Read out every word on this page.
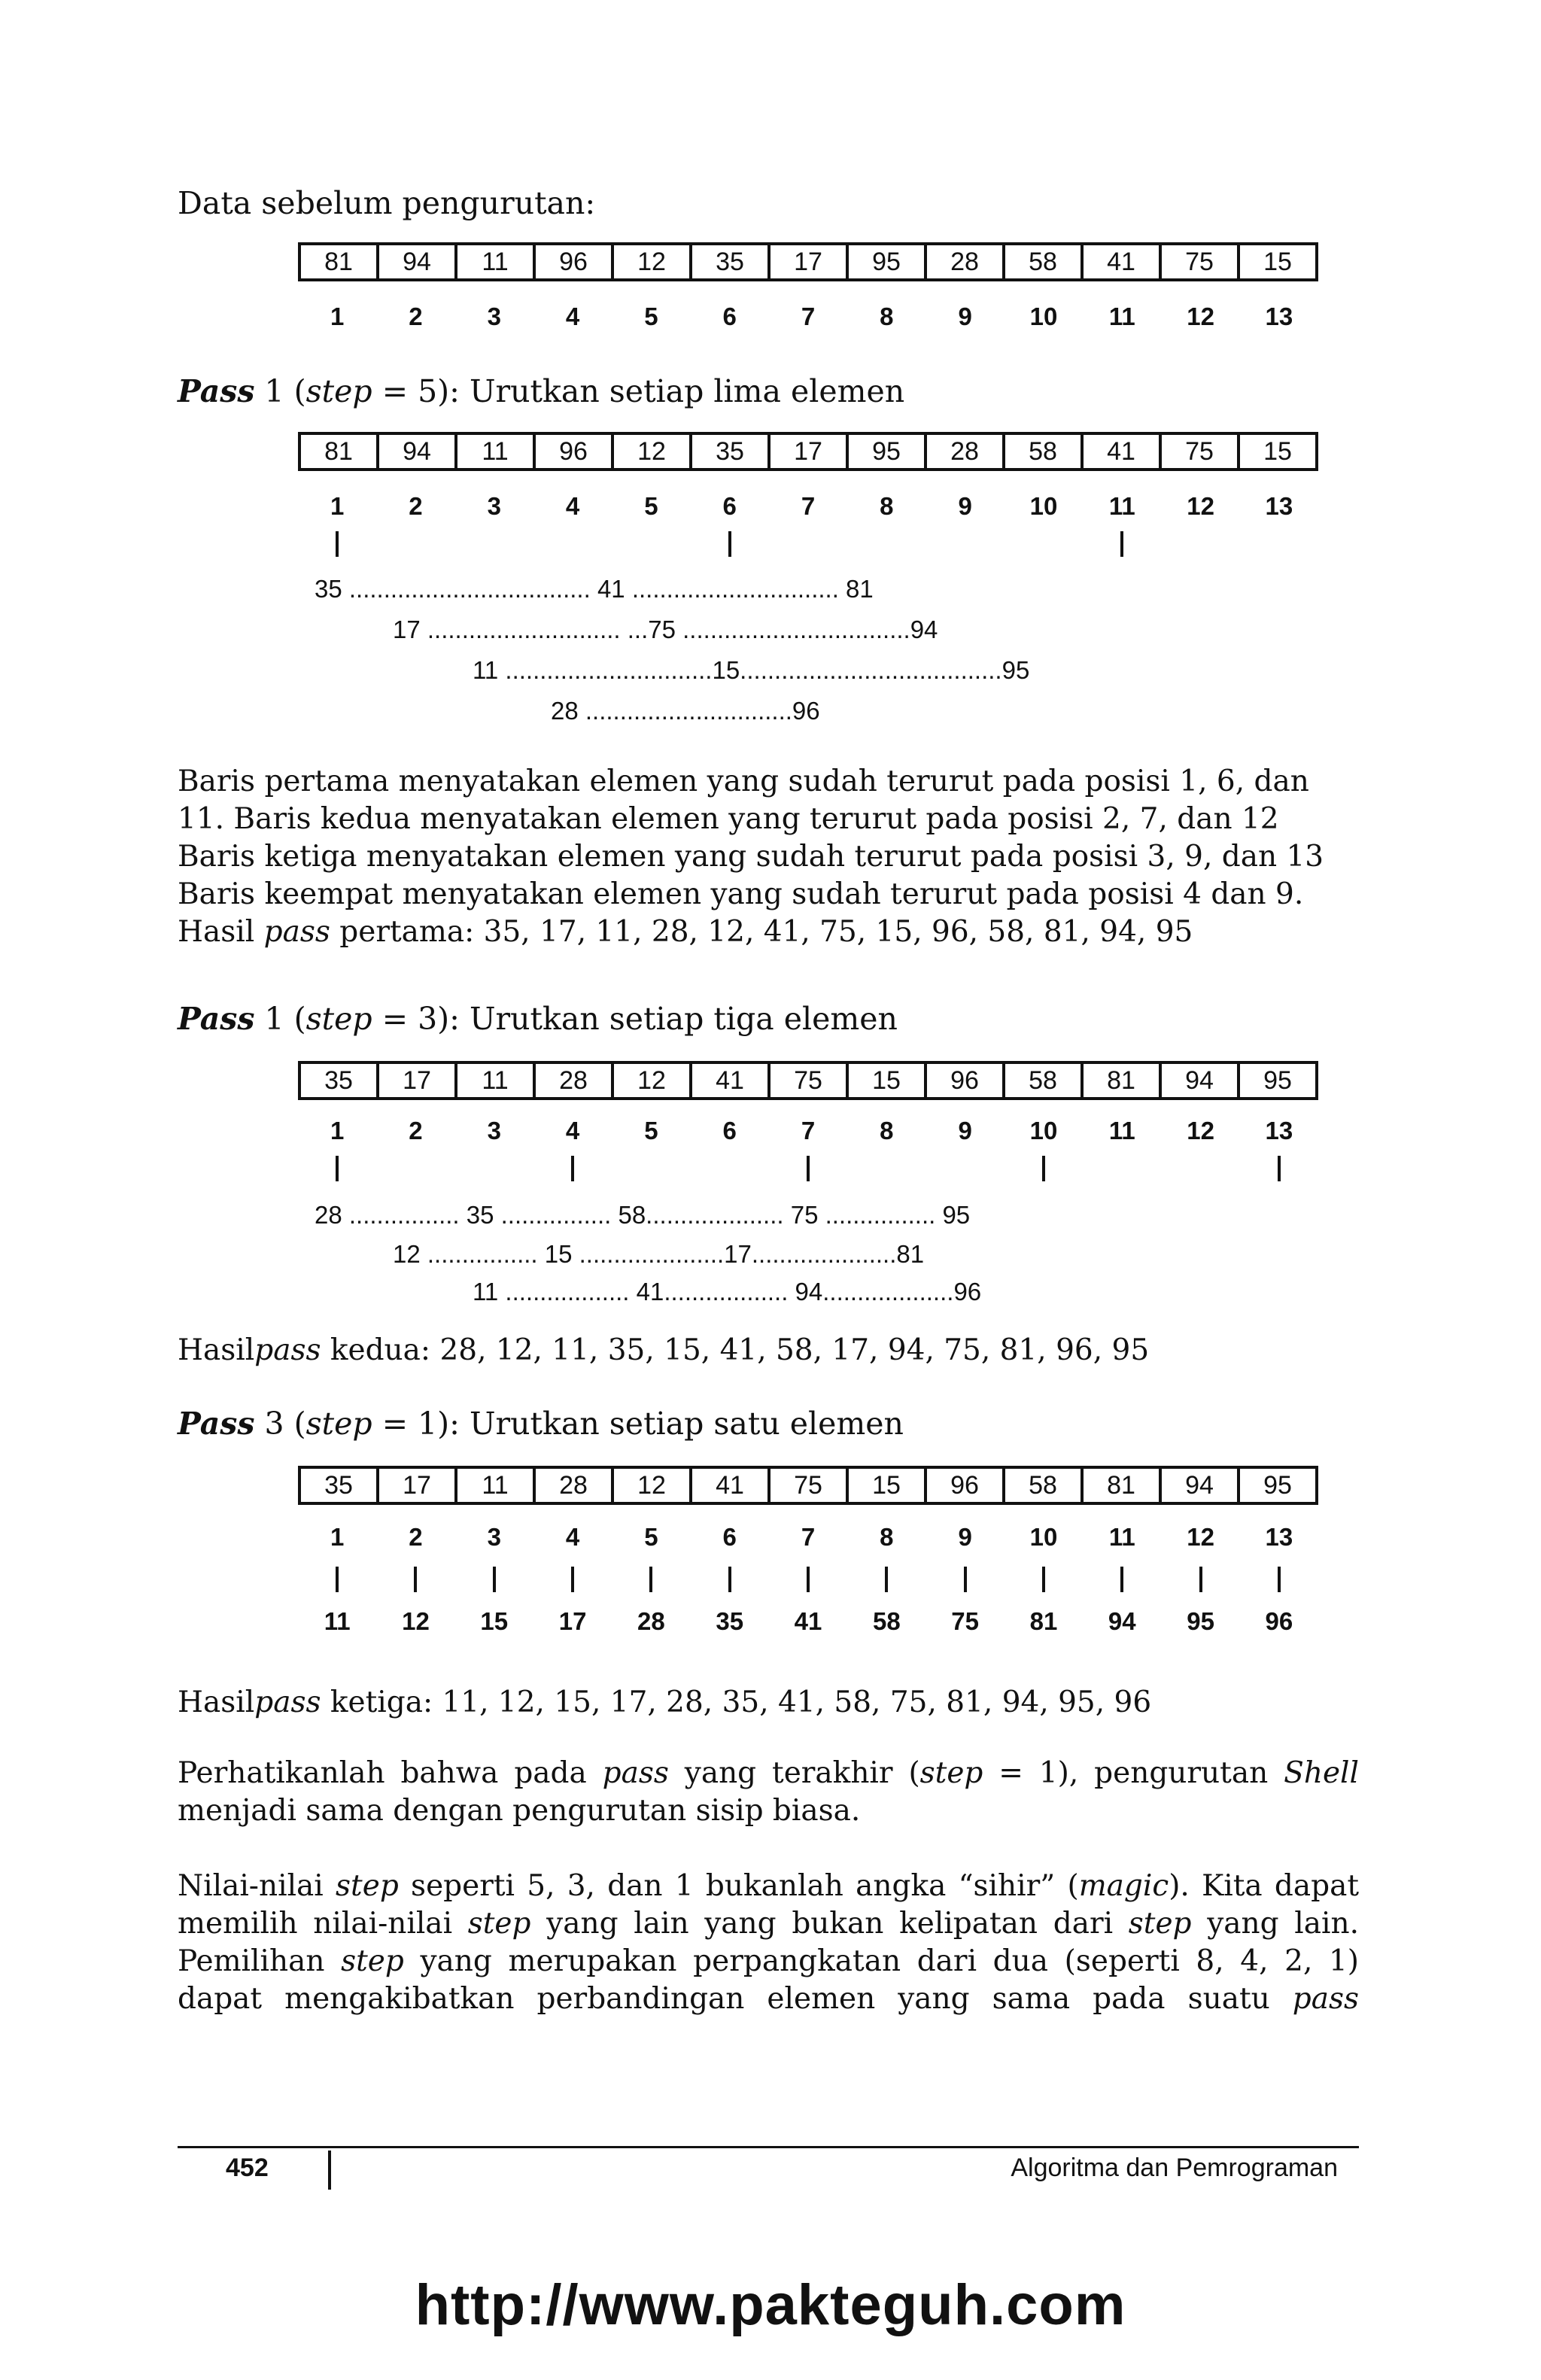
Data sebelum pengurutan:
81	94	11	96	12	35	17	95	28	58	41	75	15
1	2	3	4	5	6	7	8	9	10	11	12	13
Pass 1 (step = 5): Urutkan setiap lima elemen
81	94	11	96	12	35	17	95	28	58	41	75	15
1	2	3	4	5	6	7	8	9	10	11	12	13
35 ................................... 41 .............................. 81
17 ............................ ...75 .................................94
11 ..............................15......................................95
28 ..............................96
Baris pertama menyatakan elemen yang sudah terurut pada posisi 1, 6, dan
11. Baris kedua menyatakan elemen yang terurut pada posisi 2, 7, dan 12
Baris ketiga menyatakan elemen yang sudah terurut pada posisi 3, 9, dan 13
Baris keempat menyatakan elemen yang sudah terurut pada posisi 4 dan 9.
Hasil pass pertama: 35, 17, 11, 28, 12, 41, 75, 15, 96, 58, 81, 94, 95
Pass 1 (step = 3): Urutkan setiap tiga elemen
35	17	11	28	12	41	75	15	96	58	81	94	95
1	2	3	4	5	6	7	8	9	10	11	12	13
28 ................ 35 ................ 58.................... 75 ................ 95
12 ................ 15 .....................17.....................81
11 .................. 41.................. 94...................96
Hasilpass kedua: 28, 12, 11, 35, 15, 41, 58, 17, 94, 75, 81, 96, 95
Pass 3 (step = 1): Urutkan setiap satu elemen
35	17	11	28	12	41	75	15	96	58	81	94	95
1	2	3	4	5	6	7	8	9	10	11	12	13
11	12	15	17	28	35	41	58	75	81	94	95	96
Hasilpass ketiga: 11, 12, 15, 17, 28, 35, 41, 58, 75, 81, 94, 95, 96
Perhatikanlah bahwa pada pass yang terakhir (step = 1), pengurutan Shell
menjadi sama dengan pengurutan sisip biasa.
Nilai-nilai step seperti 5, 3, dan 1 bukanlah angka “sihir” (magic). Kita dapat
memilih nilai-nilai step yang lain yang bukan kelipatan dari step yang lain.
Pemilihan step yang merupakan perpangkatan dari dua (seperti 8, 4, 2, 1)
dapat mengakibatkan perbandingan elemen yang sama pada suatu pass
452	Algoritma dan Pemrograman
http://www.pakteguh.com
